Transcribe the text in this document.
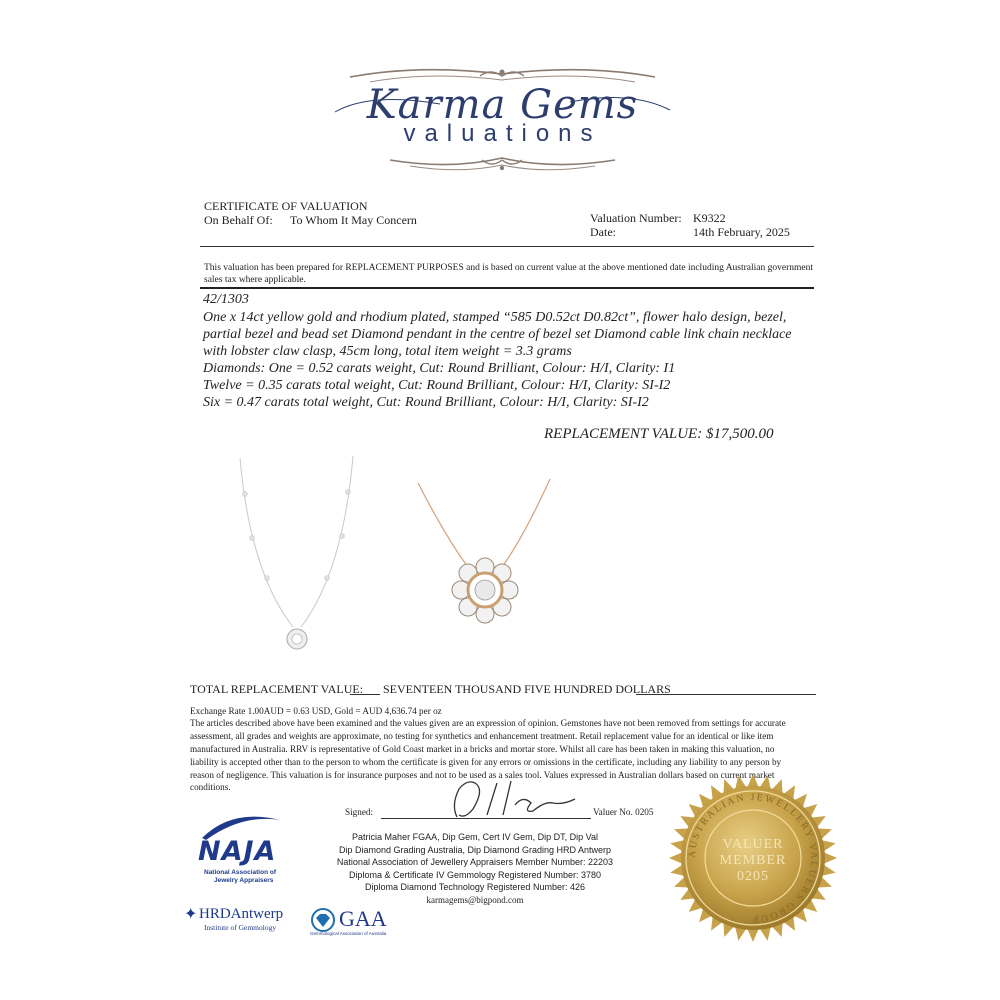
Karma Gems
valuations
CERTIFICATE OF VALUATION
On Behalf Of: To Whom It May Concern	Valuation Number: K9322
Date:	14th February, 2025
This valuation has been prepared for REPLACEMENT PURPOSES and is based on current value at the above mentioned date including Australian government
sales tax where applicable.
42/1303
One x 14ct yellow gold and rhodium plated, stamped “585 D0.52ct D0.82ct”, flower halo design, bezel,
partial bezel and bead set Diamond pendant in the centre of bezel set Diamond cable link chain necklace
with lobster claw clasp, 45cm long, total item weight = 3.3 grams
Diamonds: One = 0.52 carats weight, Cut: Round Brilliant, Colour: H/I, Clarity: I1
Twelve = 0.35 carats total weight, Cut: Round Brilliant, Colour: H/I, Clarity: SI-I2
Six = 0.47 carats total weight, Cut: Round Brilliant, Colour: H/I, Clarity: SI-I2
REPLACEMENT VALUE: $17,500.00
TOTAL REPLACEMENT VALUE: SEVENTEEN THOUSAND FIVE HUNDRED DOLLARS
Exchange Rate 1.00AUD = 0.63 USD, Gold = AUD 4,636.74 per oz
The articles described above have been examined and the values given are an expression of opinion. Gemstones have not been removed from settings for accurate
assessment, all grades and weights are approximate, no testing for synthetics and enhancement treatment. Retail replacement value for an identical or like item
manufactured in Australia. RRV is representative of Gold Coast market in a bricks and mortar store. Whilst all care has been taken in making this valuation, no
liability is accepted other than to the person to whom the certificate is given for any errors or omissions in the certificate, including any liability to any person by
reason of negligence. This valuation is for insurance purposes and not to be used as a sales tool. Values expressed in Australian dollars based on current market
conditions.
Signed:	Valuer No. 0205
Patricia Maher FGAA, Dip Gem, Cert IV Gem, Dip DT, Dip Val
Dip Diamond Grading Australia, Dip Diamond Grading HRD Antwerp
National Association of Jewellery Appraisers Member Number: 22203
Diploma & Certificate IV Gemmology Registered Number: 3780
Diploma Diamond Technology Registered Number: 426
karmagems@bigpond.com
NAJA
National Association of
Jewelry Appraisers
✦ HRDAntwerp
Institute of Gemmology	GAA
Gemmological Association of Australia
AUSTRALIAN JEWELLERY VALUERS GROUP
VALUER
MEMBER
0205
